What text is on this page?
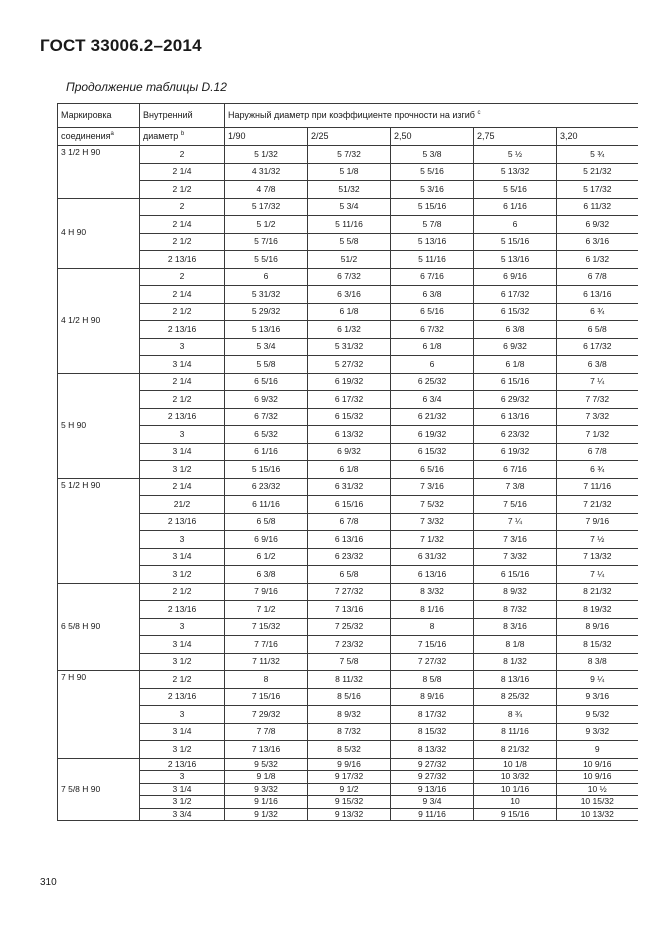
ГОСТ 33006.2–2014
Продолжение таблицы D.12
Маркировка	Внутренний	Наружный диаметр при коэффициенте прочности на изгиб $^c$
соединения$^а$	диаметр $^b$	1/90	2/25	2,50	2,75	3,20
3 1/2 H 90	2	5 1/32	5 7/32	5 3/8	5 ½	5 ¾
	2 1/4	4 31/32	5 1/8	5 5/16	5 13/32	5 21/32
	2 1/2	4 7/8	51/32	5 3/16	5 5/16	5 17/32
4 H 90	2	5 17/32	5 3/4	5 15/16	6 1/16	6 11/32
	2 1/4	5 1/2	5 11/16	5 7/8	6	6 9/32
	2 1/2	5 7/16	5 5/8	5 13/16	5 15/16	6 3/16
	2 13/16	5 5/16	51/2	5 11/16	5 13/16	6 1/32
4 1/2 H 90	2	6	6 7/32	6 7/16	6 9/16	6 7/8
	2 1/4	5 31/32	6 3/16	6 3/8	6 17/32	6 13/16
	2 1/2	5 29/32	6 1/8	6 5/16	6 15/32	6 ¾
	2 13/16	5 13/16	6 1/32	6 7/32	6 3/8	6 5/8
	3	5 3/4	5 31/32	6 1/8	6 9/32	6 17/32
	3 1/4	5 5/8	5 27/32	6	6 1/8	6 3/8
5 H 90	2 1/4	6 5/16	6 19/32	6 25/32	6 15/16	7 ¼
	2 1/2	6 9/32	6 17/32	6 3/4	6 29/32	7 7/32
	2 13/16	6 7/32	6 15/32	6 21/32	6 13/16	7 3/32
	3	6 5/32	6 13/32	6 19/32	6 23/32	7 1/32
	3 1/4	6 1/16	6 9/32	6 15/32	6 19/32	6 7/8
	3 1/2	5 15/16	6 1/8	6 5/16	6 7/16	6 ¾
5 1/2 H 90	2 1/4	6 23/32	6 31/32	7 3/16	7 3/8	7 11/16
	21/2	6 11/16	6 15/16	7 5/32	7 5/16	7 21/32
	2 13/16	6 5/8	6 7/8	7 3/32	7 ¼	7 9/16
	3	6 9/16	6 13/16	7 1/32	7 3/16	7 ½
	3 1/4	6 1/2	6 23/32	6 31/32	7 3/32	7 13/32
	3 1/2	6 3/8	6 5/8	6 13/16	6 15/16	7 ¼
6 5/8 H 90	2 1/2	7 9/16	7 27/32	8 3/32	8 9/32	8 21/32
	2 13/16	7 1/2	7 13/16	8 1/16	8 7/32	8 19/32
	3	7 15/32	7 25/32	8	8 3/16	8 9/16
	3 1/4	7 7/16	7 23/32	7 15/16	8 1/8	8 15/32
	3 1/2	7 11/32	7 5/8	7 27/32	8 1/32	8 3/8
7 H 90	2 1/2	8	8 11/32	8 5/8	8 13/16	9 ¼
	2 13/16	7 15/16	8 5/16	8 9/16	8 25/32	9 3/16
	3	7 29/32	8 9/32	8 17/32	8 ¾	9 5/32
	3 1/4	7 7/8	8 7/32	8 15/32	8 11/16	9 3/32
	3 1/2	7 13/16	8 5/32	8 13/32	8 21/32	9
7 5/8 H 90	2 13/16	9 5/32	9 9/16	9 27/32	10 1/8	10 9/16
	3	9 1/8	9 17/32	9 27/32	10 3/32	10 9/16
	3 1/4	9 3/32	9 1/2	9 13/16	10 1/16	10 ½
	3 1/2	9 1/16	9 15/32	9 3/4	10	10 15/32
	3 3/4	9 1/32	9 13/32	9 11/16	9 15/16	10 13/32
310
